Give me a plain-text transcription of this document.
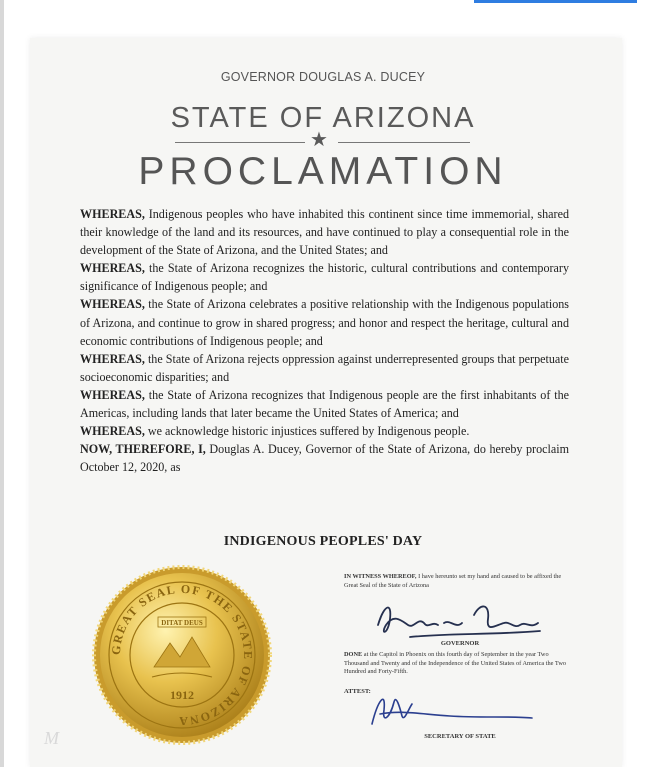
GOVERNOR DOUGLAS A. DUCEY
STATE OF ARIZONA
★
PROCLAMATION

WHEREAS, Indigenous peoples who have inhabited this continent since time immemorial, shared their knowledge of the land and its resources, and have continued to play a consequential role in the development of the State of Arizona, and the United States; and

WHEREAS, the State of Arizona recognizes the historic, cultural contributions and contemporary significance of Indigenous people; and

WHEREAS, the State of Arizona celebrates a positive relationship with the Indigenous populations of Arizona, and continue to grow in shared progress; and honor and respect the heritage, cultural and economic contributions of Indigenous people; and

WHEREAS, the State of Arizona rejects oppression against underrepresented groups that perpetuate socioeconomic disparities; and

WHEREAS, the State of Arizona recognizes that Indigenous people are the first inhabitants of the Americas, including lands that later became the United States of America; and

WHEREAS, we acknowledge historic injustices suffered by Indigenous people.

NOW, THEREFORE, I, Douglas A. Ducey, Governor of the State of Arizona, do hereby proclaim October 12, 2020, as

INDIGENOUS PEOPLES' DAY
GREAT SEAL OF THE STATE OF ARIZONA
DITAT DEUS
1912
IN WITNESS WHEREOF, I have hereunto set my hand and caused to be affixed the Great Seal of the State of Arizona
GOVERNOR
DONE at the Capitol in Phoenix on this fourth day of September in the year Two Thousand and Twenty and of the Independence of the United States of America the Two Hundred and Forty-Fifth.
ATTEST:
SECRETARY OF STATE
M
